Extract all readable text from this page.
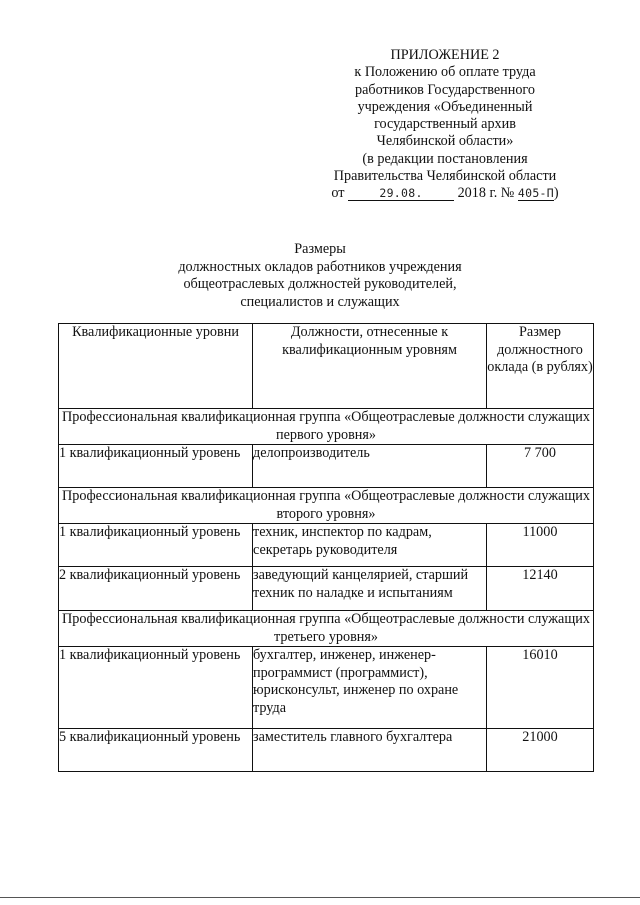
ПРИЛОЖЕНИЕ 2
к Положению об оплате труда
работников Государственного
учреждения «Объединенный
государственный архив
Челябинской области»
(в редакции постановления
Правительства Челябинской области
от	29.08. 2018 г. № 405-П)
Размеры
должностных окладов работников учреждения
общеотраслевых должностей руководителей,
специалистов и служащих
Квалификационные уровни	Должности, отнесенные к квалификационным уровням	Размер должностного оклада (в рублях)
Профессиональная квалификационная группа «Общеотраслевые должности служащих первого уровня»		
1 квалификационный уровень	делопроизводитель	7 700
Профессиональная квалификационная группа «Общеотраслевые должности служащих второго уровня»		
1 квалификационный уровень	техник, инспектор по кадрам, секретарь руководителя	11000
2 квалификационный уровень	заведующий канцелярией, старший техник по наладке и испытаниям	12140
Профессиональная квалификационная группа «Общеотраслевые должности служащих третьего уровня»		
1 квалификационный уровень	бухгалтер, инженер, инженер-программист (программист), юрисконсульт, инженер по охране труда	16010
5 квалификационный уровень	заместитель главного бухгалтера	21000
